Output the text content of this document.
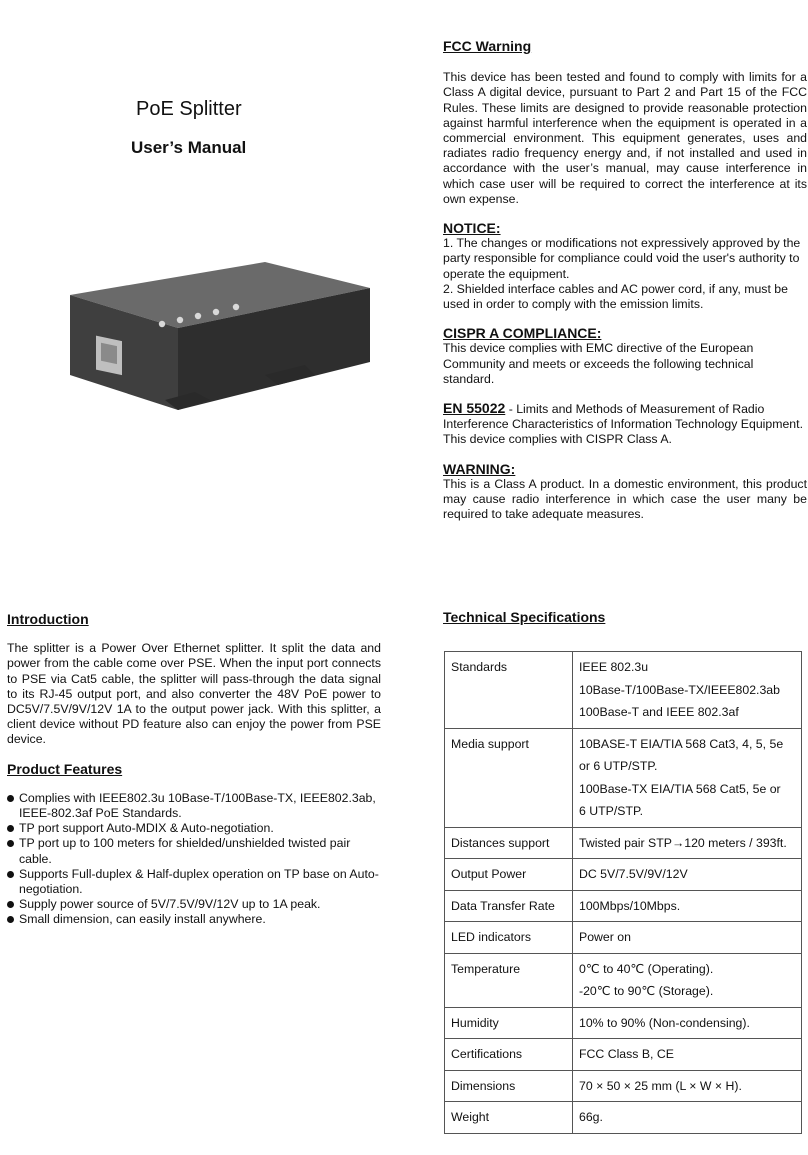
PoE Splitter
User’s Manual
FCC Warning
This device has been tested and found to comply with limits for a Class A digital device, pursuant to Part 2 and Part 15 of the FCC Rules. These limits are designed to provide reasonable protection against harmful interference when the equipment is operated in a commercial environment. This equipment generates, uses and radiates radio frequency energy and, if not installed and used in accordance with the user’s manual, may cause interference in which case user will be required to correct the interference at its own expense.
NOTICE:
1. The changes or modifications not expressively approved by the party responsible for compliance could void the user's authority to operate the equipment.
2. Shielded interface cables and AC power cord, if any, must be used in order to comply with the emission limits.
CISPR A COMPLIANCE:
This device complies with EMC directive of the European Community and meets or exceeds the following technical standard.
EN 55022 - Limits and Methods of Measurement of Radio Interference Characteristics of Information Technology Equipment. This device complies with CISPR Class A.
WARNING:
This is a Class A product. In a domestic environment, this product may cause radio interference in which case the user many be required to take adequate measures.
Introduction
The splitter is a Power Over Ethernet splitter. It split the data and power from the cable come over PSE. When the input port connects to PSE via Cat5 cable, the splitter will pass-through the data signal to its RJ-45 output port, and also converter the 48V PoE power to DC5V/7.5V/9V/12V 1A to the output power jack. With this splitter, a client device without PD feature also can enjoy the power from PSE device.
Product Features
Complies with IEEE802.3u 10Base-T/100Base-TX, IEEE802.3ab, IEEE-802.3af PoE Standards.
TP port support Auto-MDIX & Auto-negotiation.
TP port up to 100 meters for shielded/unshielded twisted pair cable.
Supports Full-duplex & Half-duplex operation on TP base on Auto-negotiation.
Supply power source of 5V/7.5V/9V/12V up to 1A peak.
Small dimension, can easily install anywhere.
Technical Specifications
Standards	IEEE 802.3u
10Base-T/100Base-TX/IEEE802.3ab
100Base-T and IEEE 802.3af

Media support	10BASE-T EIA/TIA 568 Cat3, 4, 5, 5e
or 6 UTP/STP.
100Base-TX EIA/TIA 568 Cat5, 5e or
6 UTP/STP.

Distances support	Twisted pair STP→120 meters / 393ft.

Output Power	DC 5V/7.5V/9V/12V

Data Transfer Rate	100Mbps/10Mbps.

LED indicators	Power on

Temperature	0℃ to 40℃ (Operating).
-20℃ to 90℃ (Storage).

Humidity	10% to 90% (Non-condensing).

Certifications	FCC Class B, CE

Dimensions	70 × 50 × 25 mm (L × W × H).

Weight	66g.
